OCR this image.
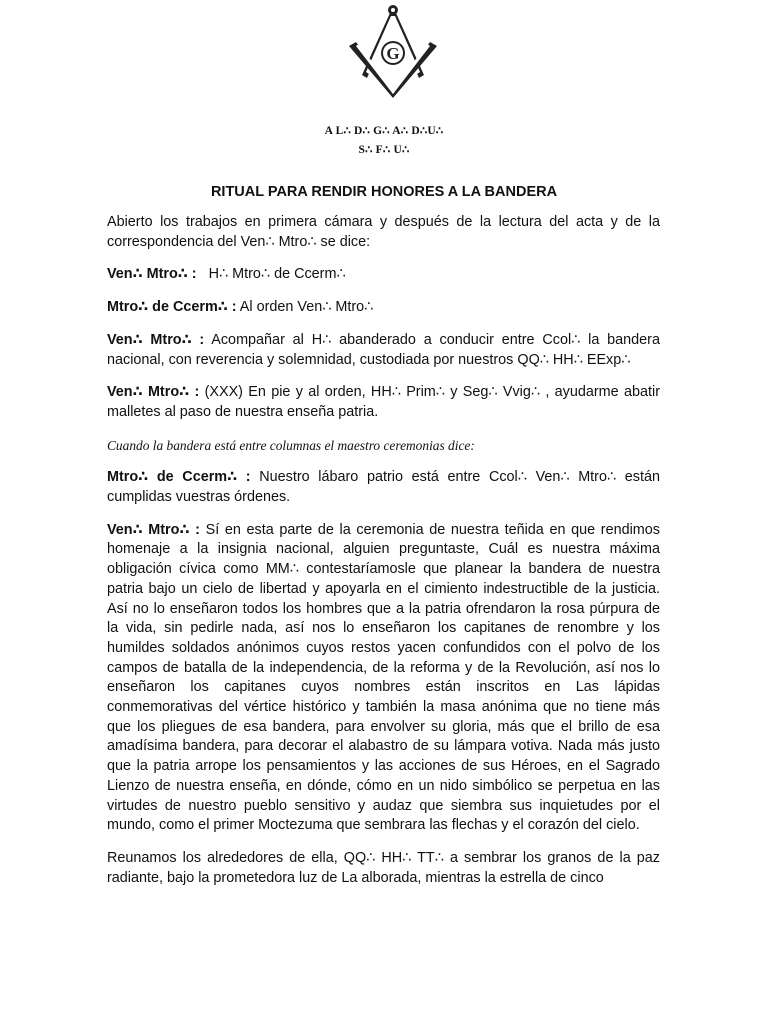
G
A L∴ D∴ G∴ A∴ D∴U∴
S∴ F∴ U∴
RITUAL PARA RENDIR HONORES A LA BANDERA

Abierto los trabajos en primera cámara y después de la lectura del acta y de la correspondencia del Ven∴ Mtro∴ se dice:

Ven∴ Mtro∴ : H∴ Mtro∴ de Ccerm∴

Mtro∴ de Ccerm∴ : Al orden Ven∴ Mtro∴

Ven∴ Mtro∴ : Acompañar al H∴ abanderado a conducir entre Ccol∴ la bandera nacional, con reverencia y solemnidad, custodiada por nuestros QQ∴ HH∴ EExp∴

Ven∴ Mtro∴ : (XXX) En pie y al orden, HH∴ Prim∴ y Seg∴ Vvig∴ , ayudarme abatir malletes al paso de nuestra enseña patria.

Cuando la bandera está entre columnas el maestro ceremonias dice:

Mtro∴ de Ccerm∴ : Nuestro lábaro patrio está entre Ccol∴ Ven∴ Mtro∴ están cumplidas vuestras órdenes.

Ven∴ Mtro∴ : Sí en esta parte de la ceremonia de nuestra teñida en que rendimos homenaje a la insignia nacional, alguien preguntaste, Cuál es nuestra máxima obligación cívica como MM∴ contestaríamosle que planear la bandera de nuestra patria bajo un cielo de libertad y apoyarla en el cimiento indestructible de la justicia. Así no lo enseñaron todos los hombres que a la patria ofrendaron la rosa púrpura de la vida, sin pedirle nada, así nos lo enseñaron los capitanes de renombre y los humildes soldados anónimos cuyos restos yacen confundidos con el polvo de los campos de batalla de la independencia, de la reforma y de la Revolución, así nos lo enseñaron los capitanes cuyos nombres están inscritos en Las lápidas conmemorativas del vértice histórico y también la masa anónima que no tiene más que los pliegues de esa bandera, para envolver su gloria, más que el brillo de esa amadísima bandera, para decorar el alabastro de su lámpara votiva. Nada más justo que la patria arrope los pensamientos y las acciones de sus Héroes, en el Sagrado Lienzo de nuestra enseña, en dónde, cómo en un nido simbólico se perpetua en las virtudes de nuestro pueblo sensitivo y audaz que siembra sus inquietudes por el mundo, como el primer Moctezuma que sembrara las flechas y el corazón del cielo.

Reunamos los alrededores de ella, QQ∴ HH∴ TT∴ a sembrar los granos de la paz radiante, bajo la prometedora luz de La alborada, mientras la estrella de cinco
